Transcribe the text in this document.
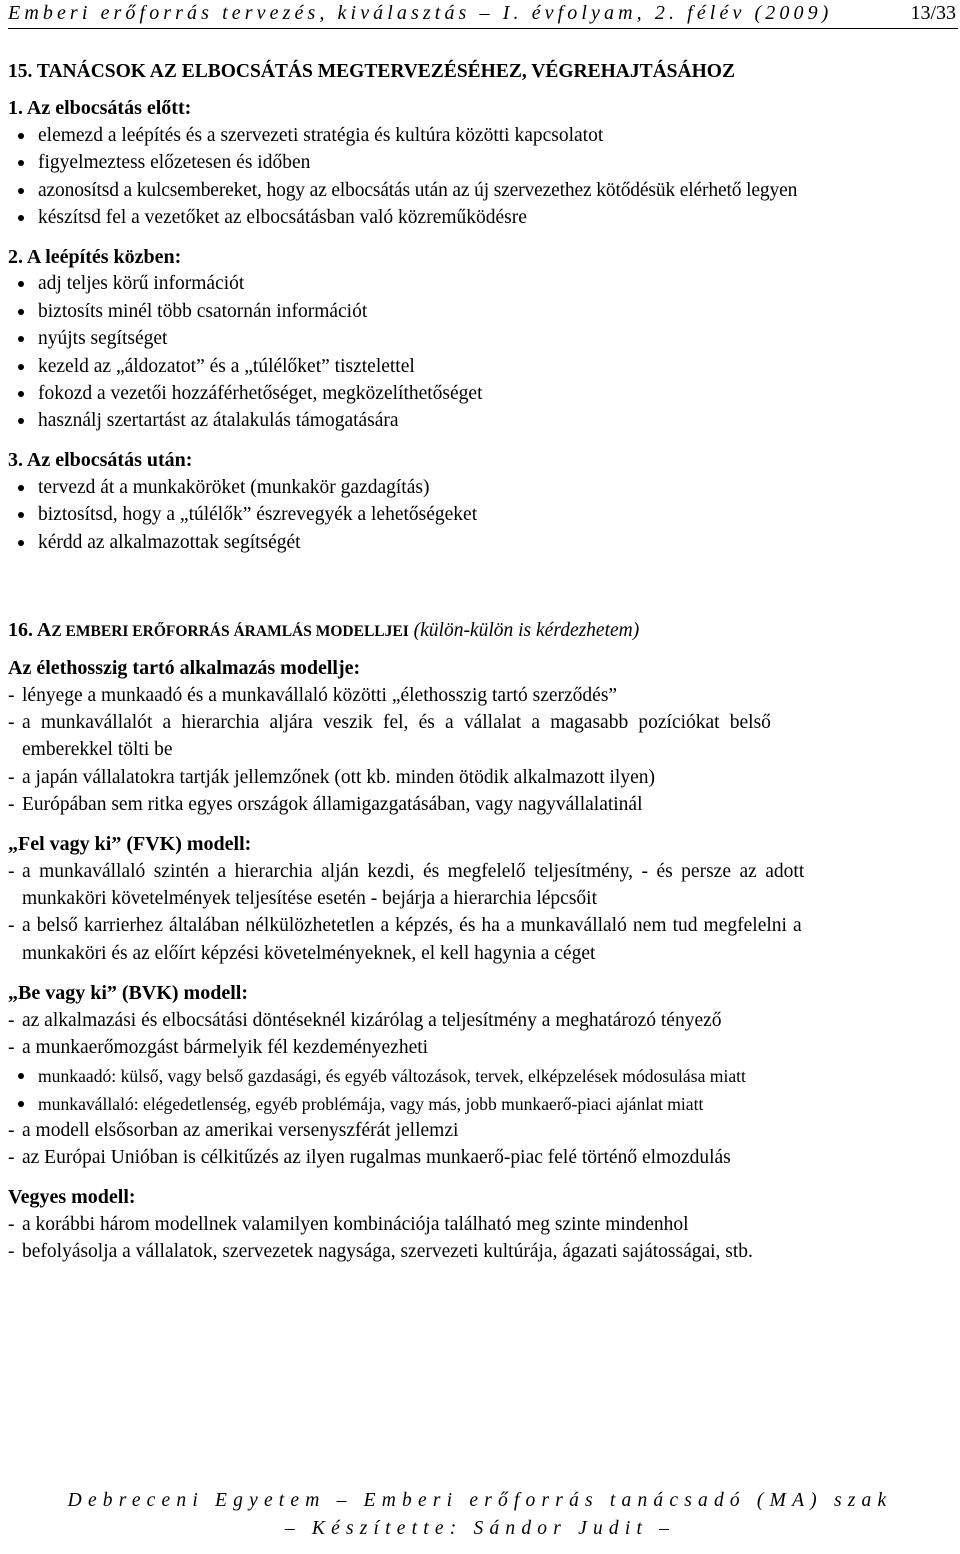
Emberi erőforrás tervezés, kiválasztás – I. évfolyam, 2. félév (2009)	13/33
15. TANÁCSOK AZ ELBOCSÁTÁS MEGTERVEZÉSÉHEZ, VÉGREHAJTÁSÁHOZ
1. Az elbocsátás előtt:
elemezd a leépítés és a szervezeti stratégia és kultúra közötti kapcsolatot
figyelmeztess előzetesen és időben
azonosítsd a kulcsembereket, hogy az elbocsátás után az új szervezethez kötődésük elérhető legyen
készítsd fel a vezetőket az elbocsátásban való közreműködésre
2. A leépítés közben:
adj teljes körű információt
biztosíts minél több csatornán információt
nyújts segítséget
kezeld az „áldozatot” és a „túlélőket” tisztelettel
fokozd a vezetői hozzáférhetőséget, megközelíthetőséget
használj szertartást az átalakulás támogatására
3. Az elbocsátás után:
tervezd át a munkaköröket (munkakör gazdagítás)
biztosítsd, hogy a „túlélők” észrevegyék a lehetőségeket
kérdd az alkalmazottak segítségét
16. AZ EMBERI ERŐFORRÁS ÁRAMLÁS MODELLJEI (külön-külön is kérdezhetem)
Az élethosszig tartó alkalmazás modellje:
- lényege a munkaadó és a munkavállaló közötti „élethosszig tartó szerződés”
- a munkavállalót a hierarchia aljára veszik fel, és a vállalat a magasabb pozíciókat belső
emberekkel tölti be
- a japán vállalatokra tartják jellemzőnek (ott kb. minden ötödik alkalmazott ilyen)
- Európában sem ritka egyes országok államigazgatásában, vagy nagyvállalatinál
„Fel vagy ki” (FVK) modell:
- a munkavállaló szintén a hierarchia alján kezdi, és megfelelő teljesítmény, - és persze az adott
munkaköri követelmények teljesítése esetén - bejárja a hierarchia lépcsőit
- a belső karrierhez általában nélkülözhetetlen a képzés, és ha a munkavállaló nem tud megfelelni a
munkaköri és az előírt képzési követelményeknek, el kell hagynia a céget
„Be vagy ki” (BVK) modell:
- az alkalmazási és elbocsátási döntéseknél kizárólag a teljesítmény a meghatározó tényező
- a munkaerőmozgást bármelyik fél kezdeményezheti
munkaadó: külső, vagy belső gazdasági, és egyéb változások, tervek, elképzelések módosulása miatt
munkavállaló: elégedetlenség, egyéb problémája, vagy más, jobb munkaerő-piaci ajánlat miatt
- a modell elsősorban az amerikai versenyszférát jellemzi
- az Európai Unióban is célkitűzés az ilyen rugalmas munkaerő-piac felé történő elmozdulás
Vegyes modell:
- a korábbi három modellnek valamilyen kombinációja található meg szinte mindenhol
- befolyásolja a vállalatok, szervezetek nagysága, szervezeti kultúrája, ágazati sajátosságai, stb.
Debreceni Egyetem – Emberi erőforrás tanácsadó (MA) szak
– Készítette: Sándor Judit –
